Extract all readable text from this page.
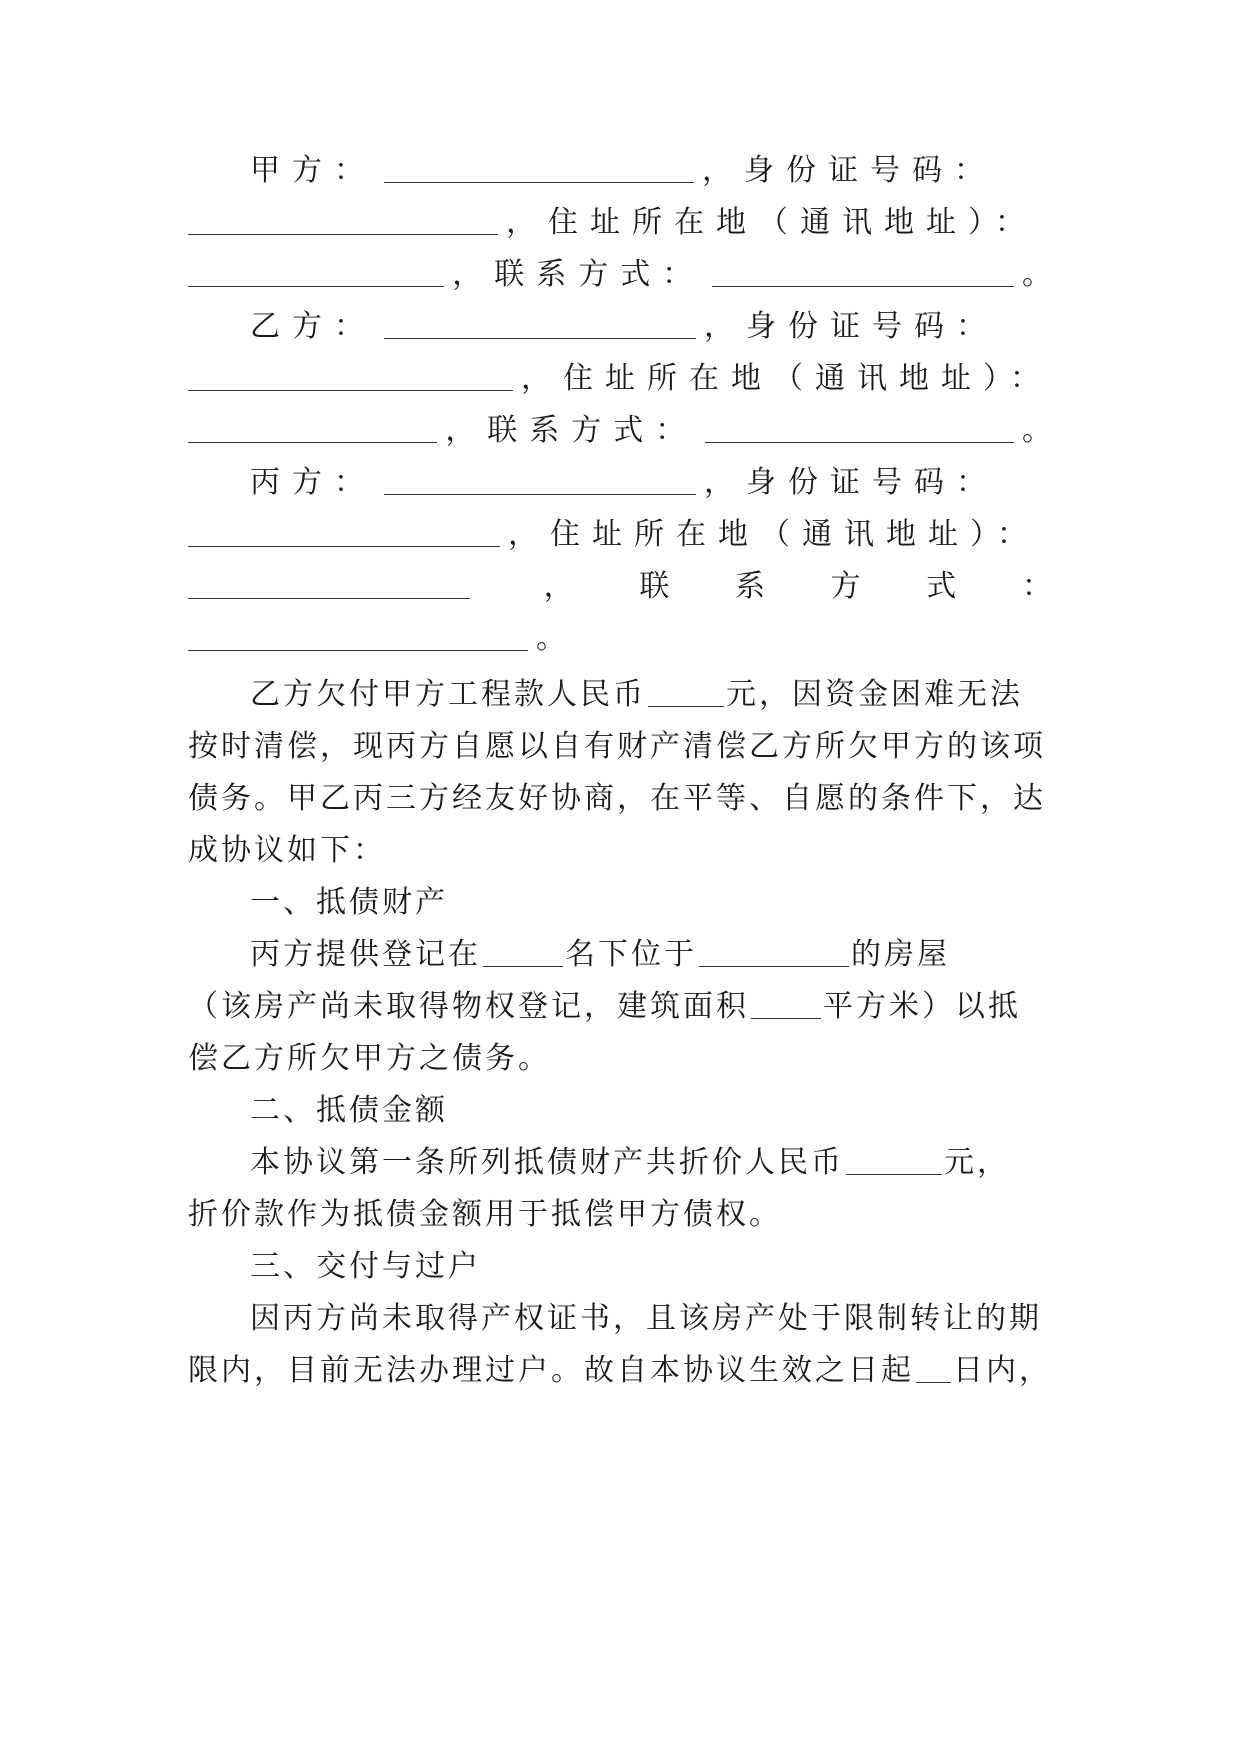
甲方：	，身份证号码：
，住址所在地（通讯地址）：
，联系方式：	。
乙方：	，身份证号码：
，住址所在地（通讯地址）：
，联系方式：	。
丙方：	，身份证号码：
，住址所在地（通讯地址）：
， 联 系 方 式 ：
。
乙方欠付甲方工程款人民币	元，因资金困难无法
按时清偿，现丙方自愿以自有财产清偿乙方所欠甲方的该项
债务。甲乙丙三方经友好协商，在平等、自愿的条件下，达
成协议如下：
一、抵债财产
丙方提供登记在	名下位于	的房屋
（该房产尚未取得物权登记，建筑面积 平方米）以抵
偿乙方所欠甲方之债务。
二、抵债金额
本协议第一条所列抵债财产共折价人民币	元，
折价款作为抵债金额用于抵偿甲方债权。
三、交付与过户
因丙方尚未取得产权证书，且该房产处于限制转让的期
限内，目前无法办理过户。故自本协议生效之日起 日内，
